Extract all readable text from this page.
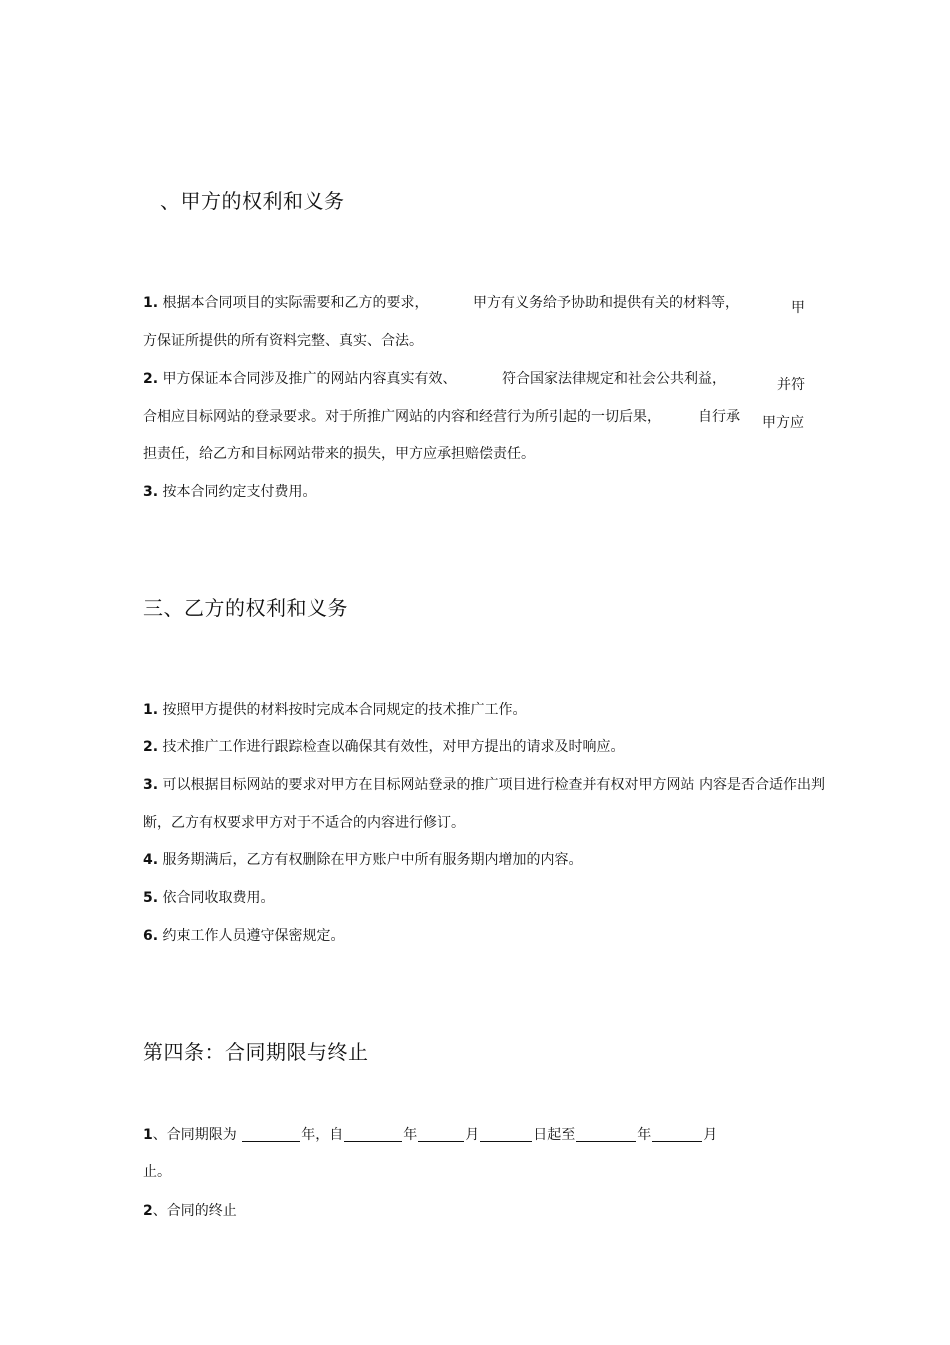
、甲方的权利和义务
1. 根据本合同项目的实际需要和乙方的要求，	甲方有义务给予协助和提供有关的材料等，	甲
方保证所提供的所有资料完整、真实、合法。
2. 甲方保证本合同涉及推广的网站内容真实有效、	符合国家法律规定和社会公共利益，	并符
合相应目标网站的登录要求。对于所推广网站的内容和经营行为所引起的一切后果，	自行承 甲方应
担责任，给乙方和目标网站带来的损失，甲方应承担赔偿责任。
3. 按本合同约定支付费用。
三、乙方的权利和义务
1. 按照甲方提供的材料按时完成本合同规定的技术推广工作。
2. 技术推广工作进行跟踪检查以确保其有效性，对甲方提出的请求及时响应。
3. 可以根据目标网站的要求对甲方在目标网站登录的推广项目进行检查并有权对甲方网站 内容是否合适作出判
断，乙方有权要求甲方对于不适合的内容进行修订。
4. 服务期满后，乙方有权删除在甲方账户中所有服务期内增加的内容。
5. 依合同收取费用。
6. 约束工作人员遵守保密规定。
第四条：合同期限与终止
1、合同期限为	年，自	年	月	日起至	年	月
止。
2、合同的终止
